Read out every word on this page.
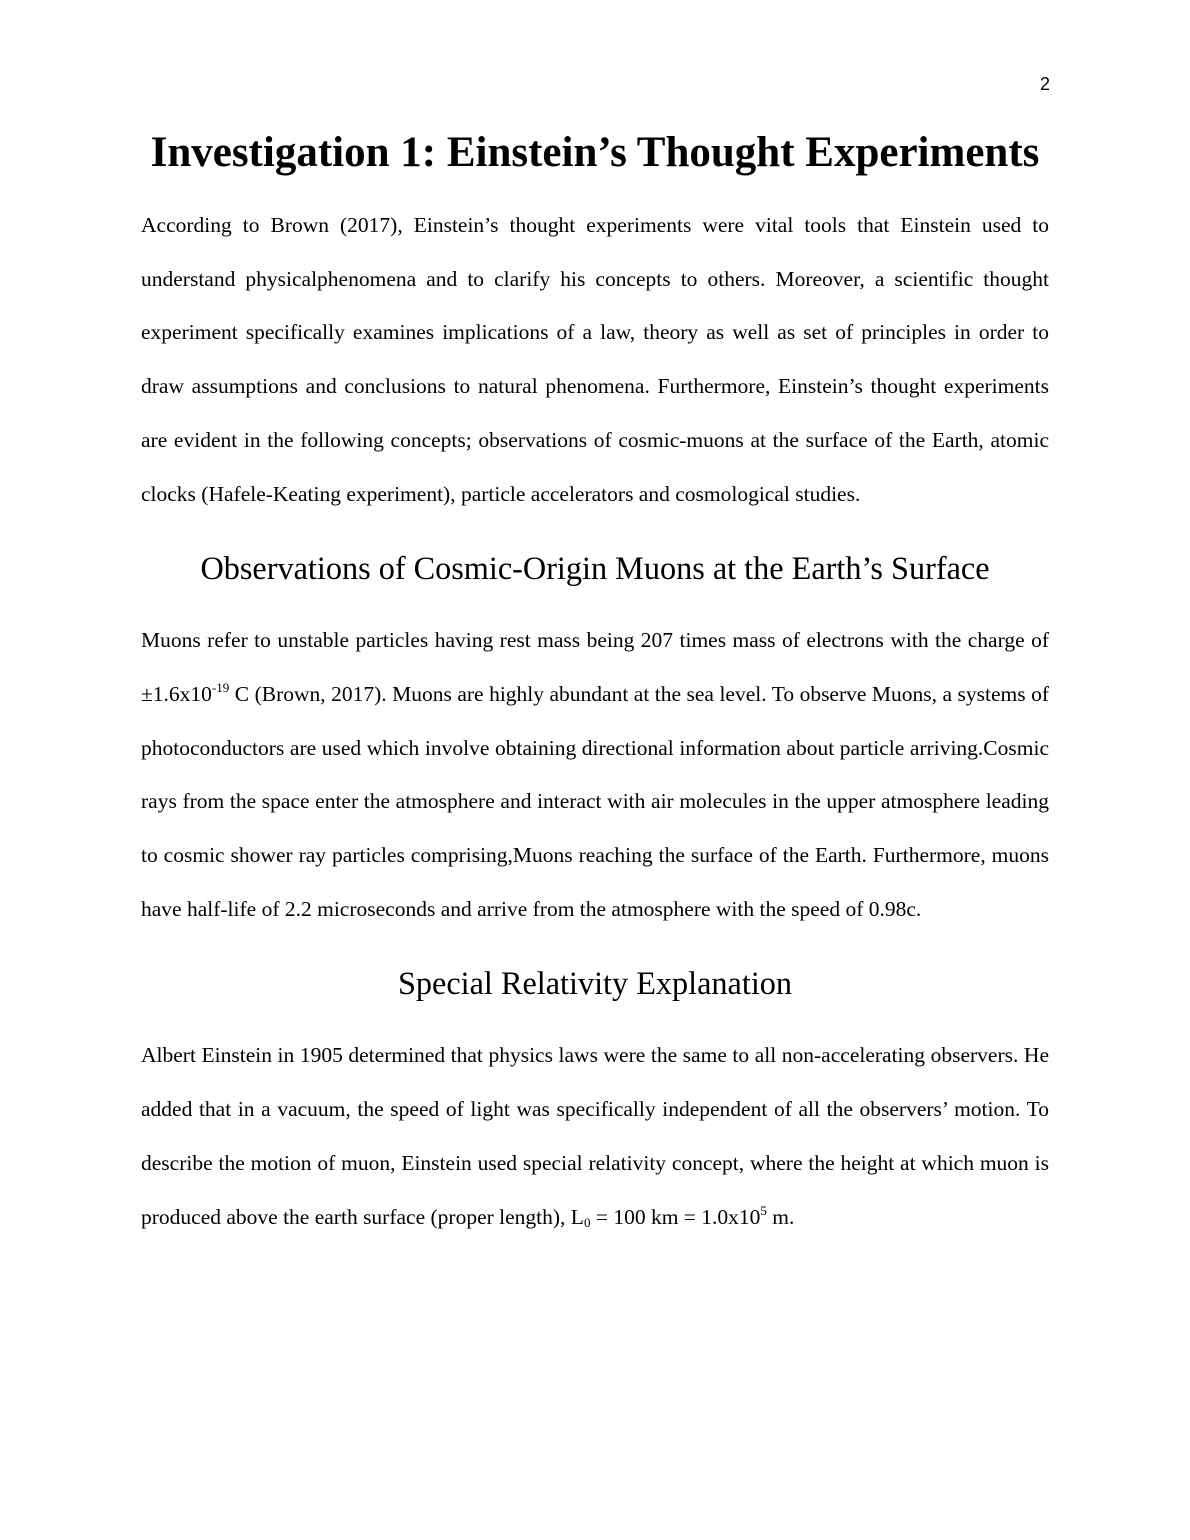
2
Investigation 1: Einstein’s Thought Experiments

According to Brown (2017), Einstein’s thought experiments were vital tools that Einstein used to understand physicalphenomena and to clarify his concepts to others. Moreover, a scientific thought experiment specifically examines implications of a law, theory as well as set of principles in order to draw assumptions and conclusions to natural phenomena. Furthermore, Einstein’s thought experiments are evident in the following concepts; observations of cosmic-muons at the surface of the Earth, atomic clocks (Hafele-Keating experiment), particle accelerators and cosmological studies.

Observations of Cosmic-Origin Muons at the Earth’s Surface

Muons refer to unstable particles having rest mass being 207 times mass of electrons with the charge of $\pm 1.6x10^{-19}$ C (Brown, 2017). Muons are highly abundant at the sea level. To observe Muons, a systems of photoconductors are used which involve obtaining directional information about particle arriving.Cosmic rays from the space enter the atmosphere and interact with air molecules in the upper atmosphere leading to cosmic shower ray particles comprising,Muons reaching the surface of the Earth. Furthermore, muons have half-life of 2.2 microseconds and arrive from the atmosphere with the speed of 0.98c.

Special Relativity Explanation

Albert Einstein in 1905 determined that physics laws were the same to all non-accelerating observers. He added that in a vacuum, the speed of light was specifically independent of all the observers’ motion. To describe the motion of muon, Einstein used special relativity concept, where the height at which muon is produced above the earth surface (proper length), $L_0 = 100$ km = $1.0x10^5$ m.
